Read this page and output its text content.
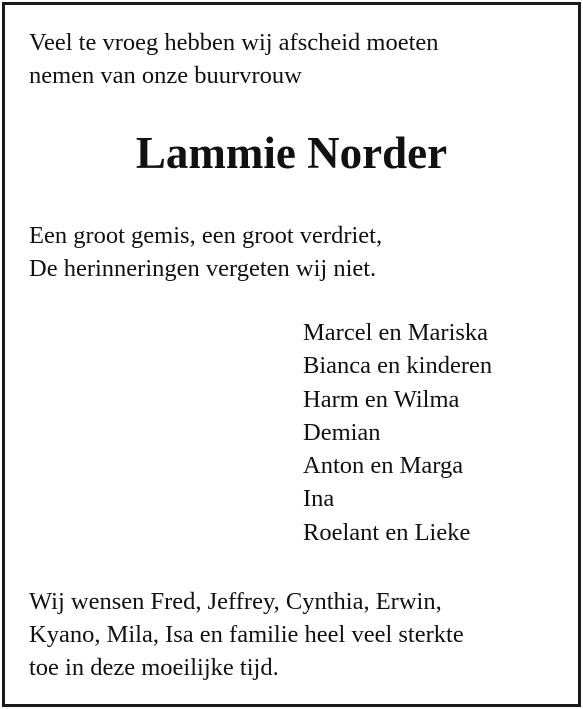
Veel te vroeg hebben wij afscheid moeten
nemen van onze buurvrouw
Lammie Norder
Een groot gemis, een groot verdriet,
De herinneringen vergeten wij niet.
Marcel en Mariska
Bianca en kinderen
Harm en Wilma
Demian
Anton en Marga
Ina
Roelant en Lieke
Wij wensen Fred, Jeffrey, Cynthia, Erwin,
Kyano, Mila, Isa en familie heel veel sterkte
toe in deze moeilijke tijd.
